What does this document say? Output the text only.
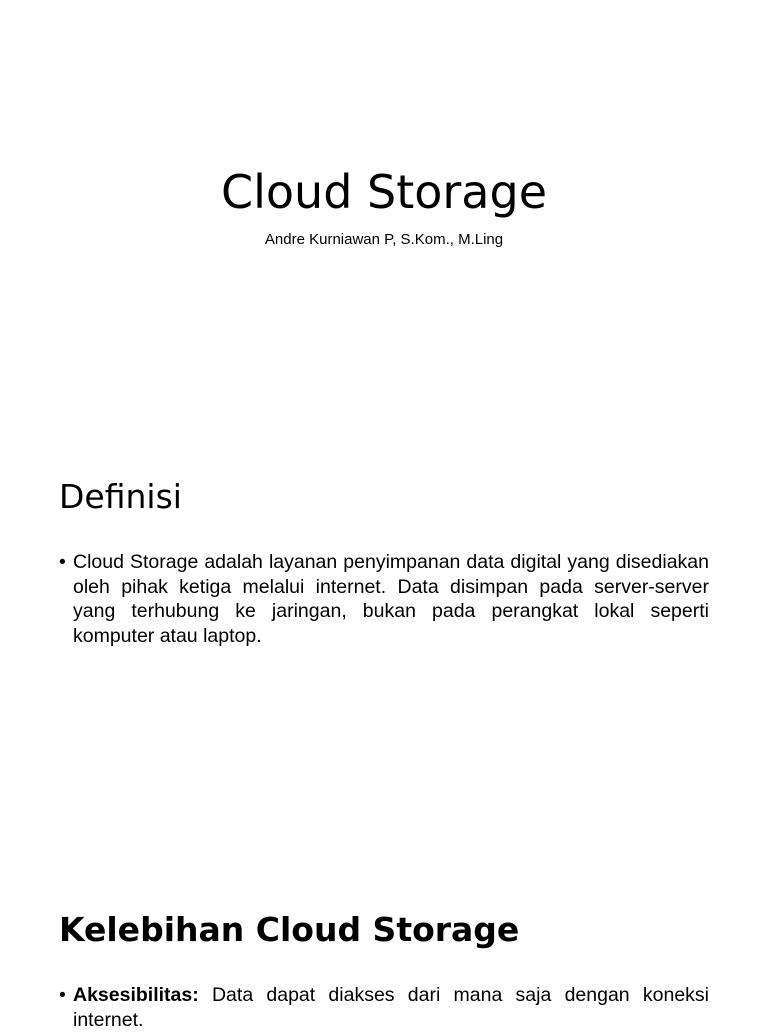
Cloud Storage

Andre Kurniawan P, S.Kom., M.Ling

Definisi
• Cloud Storage adalah layanan penyimpanan data digital yang disediakan oleh pihak ketiga melalui internet. Data disimpan pada server-server yang terhubung ke jaringan, bukan pada perangkat lokal seperti komputer atau laptop.
Kelebihan Cloud Storage
• Aksesibilitas: Data dapat diakses dari mana saja dengan koneksi internet.
